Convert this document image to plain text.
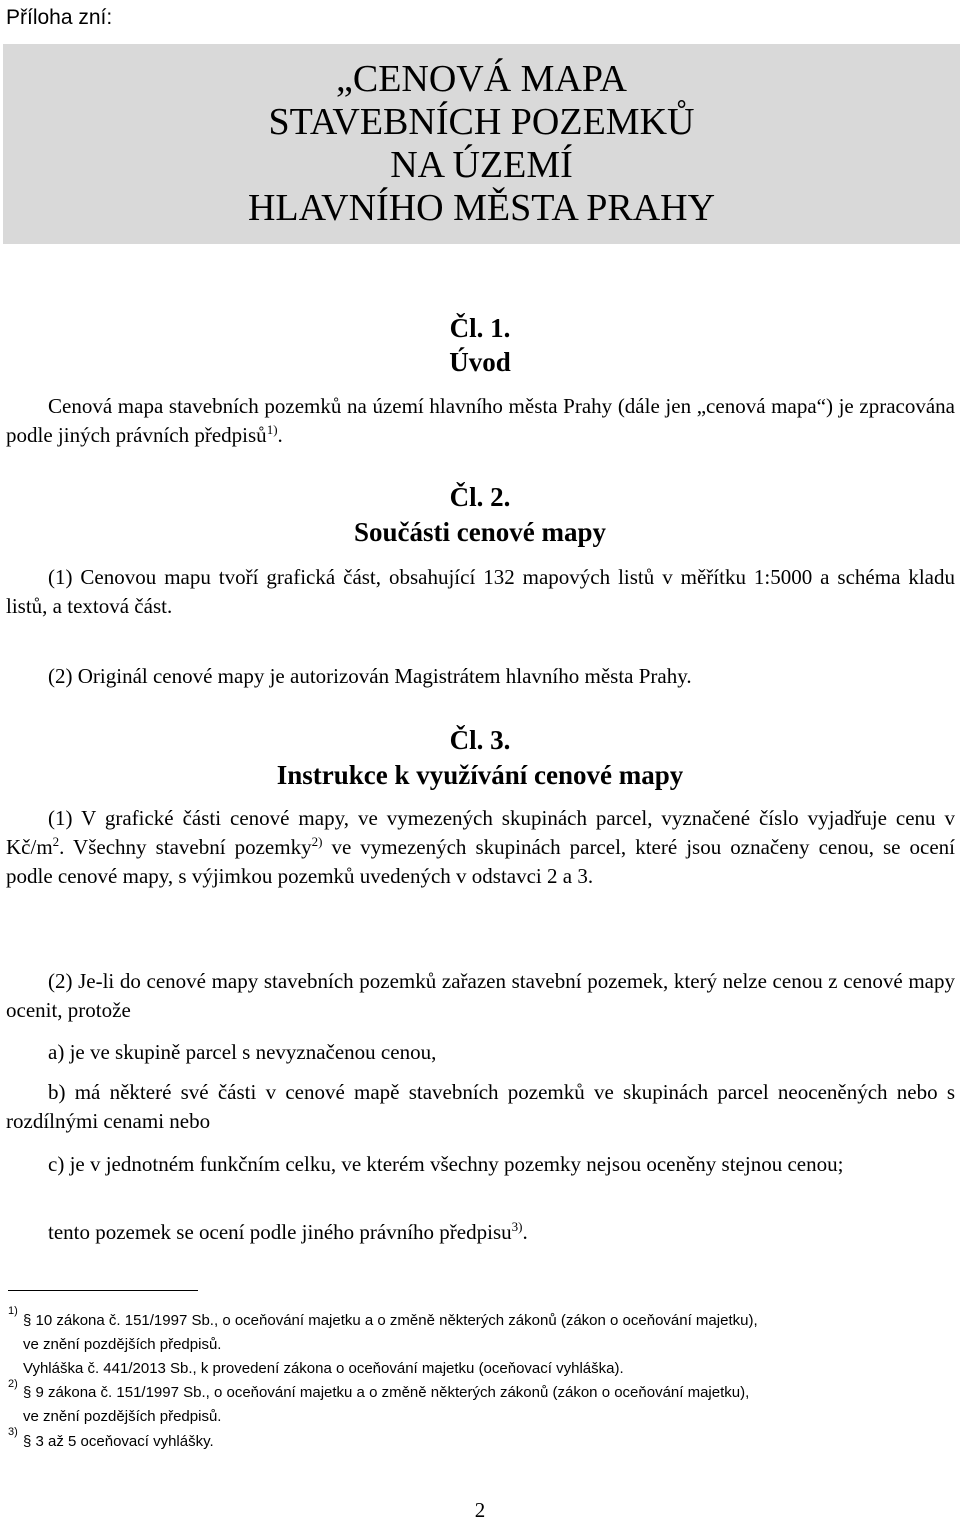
Příloha zní:

„CENOVÁ MAPA
STAVEBNÍCH POZEMKŮ
NA ÚZEMÍ
HLAVNÍHO MĚSTA PRAHY
Čl. 1.
Úvod

Cenová mapa stavebních pozemků na území hlavního města Prahy (dále jen „cenová mapa“) je zpracována podle jiných právních předpisů$^{1)}$.

Čl. 2.
Součásti cenové mapy

(1) Cenovou mapu tvoří grafická část, obsahující 132 mapových listů v měřítku 1:5000 a schéma kladu listů, a textová část.

(2) Originál cenové mapy je autorizován Magistrátem hlavního města Prahy.

Čl. 3.
Instrukce k využívání cenové mapy

(1) V grafické části cenové mapy, ve vymezených skupinách parcel, vyznačené číslo vyjadřuje cenu v $Kč/m^2$. Všechny stavební pozemky$^{2)}$ ve vymezených skupinách parcel, které jsou označeny cenou, se ocení podle cenové mapy, s výjimkou pozemků uvedených v odstavci 2 a 3.

(2) Je-li do cenové mapy stavebních pozemků zařazen stavební pozemek, který nelze cenou z cenové mapy ocenit, protože

a) je ve skupině parcel s nevyznačenou cenou,

b) má některé své části v cenové mapě stavebních pozemků ve skupinách parcel neoceněných nebo s rozdílnými cenami nebo

c) je v jednotném funkčním celku, ve kterém všechny pozemky nejsou oceněny stejnou cenou;

tento pozemek se ocení podle jiného právního předpisu$^{3)}$.

1)
§ 10 zákona č. 151/1997 Sb., o oceňování majetku a o změně některých zákonů (zákon o oceňování majetku),
ve znění pozdějších předpisů.
Vyhláška č. 441/2013 Sb., k provedení zákona o oceňování majetku (oceňovací vyhláška).
2) § 9 zákona č. 151/1997 Sb., o oceňování majetku a o změně některých zákonů (zákon o oceňování majetku),
ve znění pozdějších předpisů.
3)
§ 3 až 5 oceňovací vyhlášky.
2
